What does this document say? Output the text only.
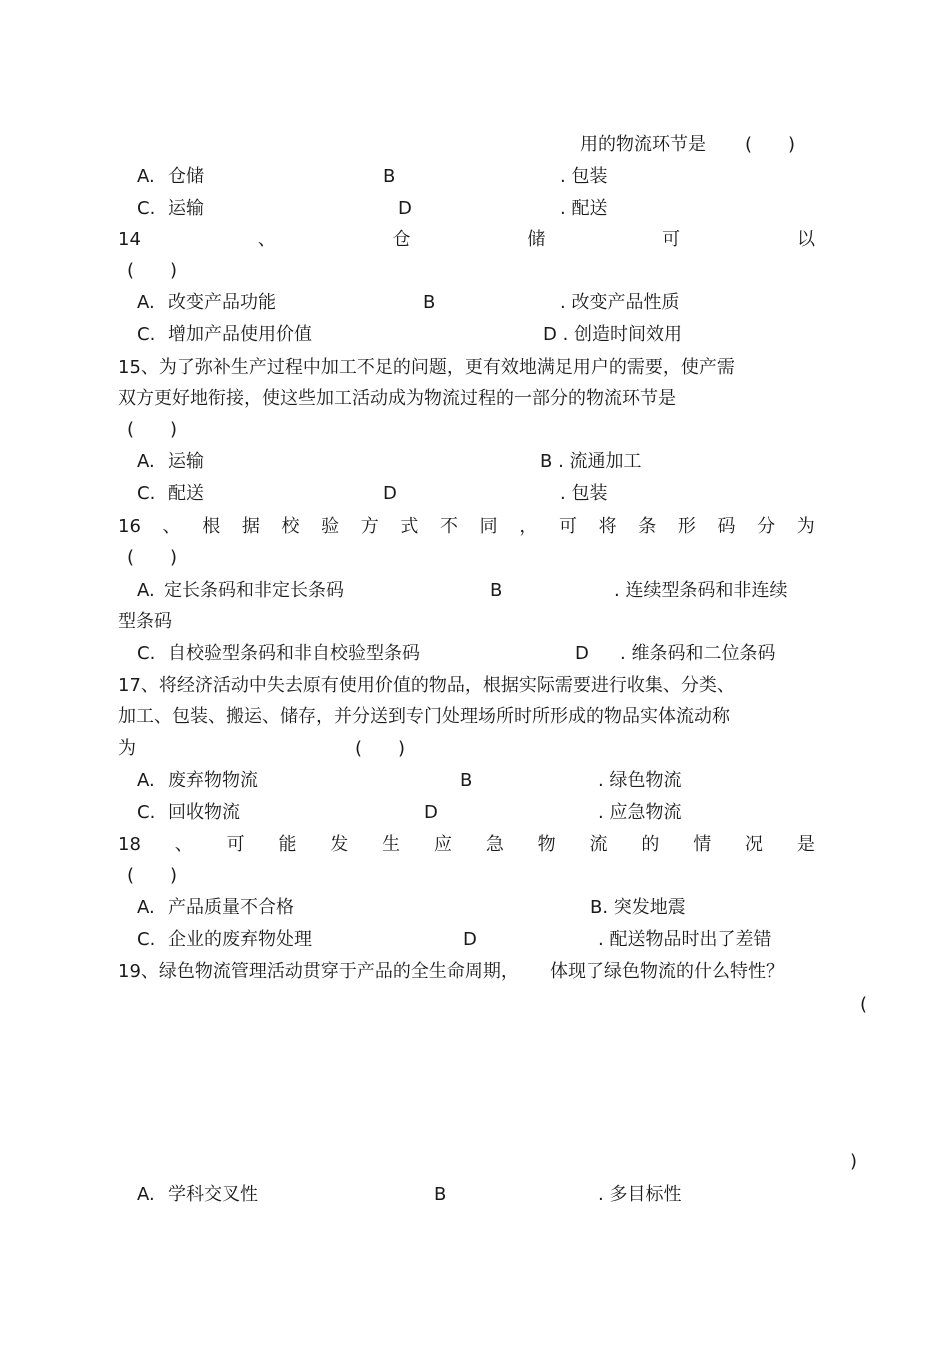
用的物流环节是 (　　)
A. 仓储	B	. 包装
C. 运输	D	. 配送
14	、	仓	储	可	以
(　　)
A. 改变产品功能	B	. 改变产品性质
C. 增加产品使用价值	D . 创造时间效用
15、为了弥补生产过程中加工不足的问题，更有效地满足用户的需要，使产需
双方更好地衔接，使这些加工活动成为物流过程的一部分的物流环节是
(　　)
A. 运输	B . 流通加工
C. 配送	D	. 包装
16 、 根 据 校 验 方 式 不 同 ， 可 将 条 形 码 分 为
(　　)
A. 定长条码和非定长条码	B	. 连续型条码和非连续
型条码
C. 自校验型条码和非自校验型条码	D . 维条码和二位条码
17、将经济活动中失去原有使用价值的物品，根据实际需要进行收集、分类、
加工、包装、搬运、储存，并分送到专门处理场所时所形成的物品实体流动称
为	(　　)
A. 废弃物物流	B	. 绿色物流
C. 回收物流	D	. 应急物流
18 、 可 能 发 生 应 急 物 流 的 情 况 是
(　　)
A. 产品质量不合格	B. 突发地震
C. 企业的废弃物处理	D	. 配送物品时出了差错
19、绿色物流管理活动贯穿于产品的全生命周期， 体现了绿色物流的什么特性？
(
)
A. 学科交叉性	B	. 多目标性
